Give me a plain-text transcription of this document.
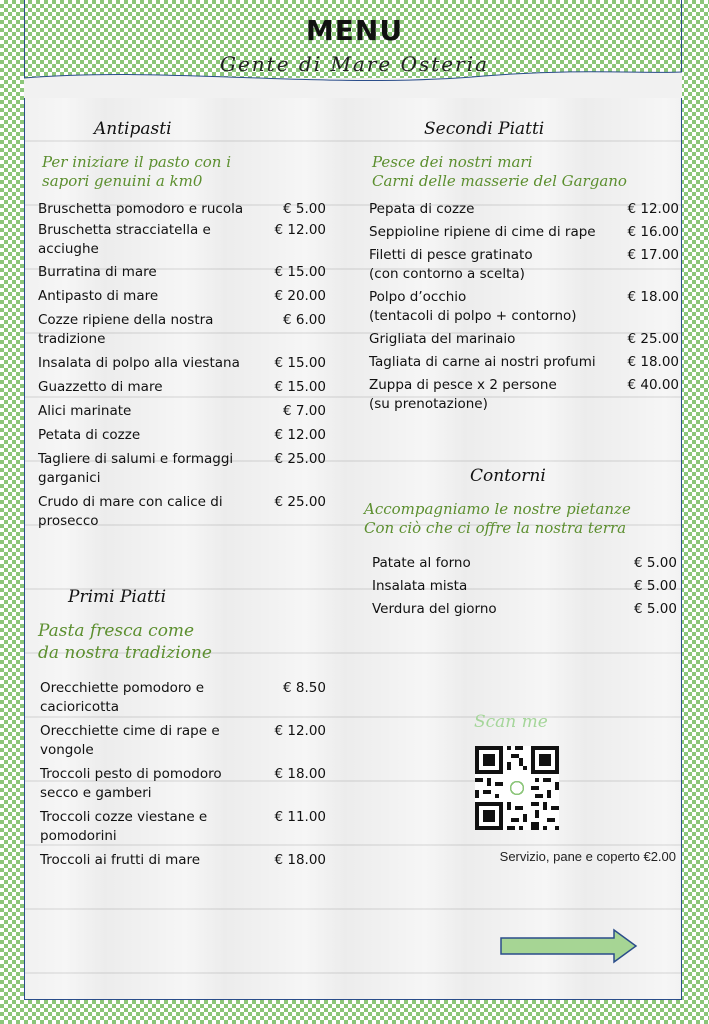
MENU
Gente di Mare Osteria
Antipasti
Per iniziare il pasto con i
sapori genuini a km0
Bruschetta pomodoro e rucola	€ 5.00
Bruschetta stracciatella e
acciughe
€ 12.00
Burratina di mare	€ 15.00
Antipasto di mare	€ 20.00
Cozze ripiene della nostra
tradizione
€ 6.00
Insalata di polpo alla viestana	€ 15.00
Guazzetto di mare	€ 15.00
Alici marinate	€ 7.00
Petata di cozze	€ 12.00
Tagliere di salumi e formaggi
garganici
€ 25.00
Crudo di mare con calice di
prosecco
€ 25.00
Primi Piatti
Pasta fresca come
da nostra tradizione
Orecchiette pomodoro e
cacioricotta
€ 8.50
Orecchiette cime di rape e
vongole
€ 12.00
Troccoli pesto di pomodoro
secco e gamberi
€ 18.00
Troccoli cozze viestane e
pomodorini
€ 11.00
Troccoli ai frutti di mare	€ 18.00
Secondi Piatti
Pesce dei nostri mari
Carni delle masserie del Gargano
Pepata di cozze	€ 12.00
Seppioline ripiene di cime di rape € 16.00
Filetti di pesce gratinato
(con contorno a scelta)
€ 17.00
Polpo d’occhio
(tentacoli di polpo + contorno)
€ 18.00
Grigliata del marinaio	€ 25.00
Tagliata di carne ai nostri profumi € 18.00
Zuppa di pesce x 2 persone
(su prenotazione)
€ 40.00
Contorni
Accompagniamo le nostre pietanze
Con ciò che ci offre la nostra terra
Patate al forno	€ 5.00
Insalata mista	€ 5.00
Verdura del giorno	€ 5.00
Scan me
Servizio, pane e coperto €2.00
